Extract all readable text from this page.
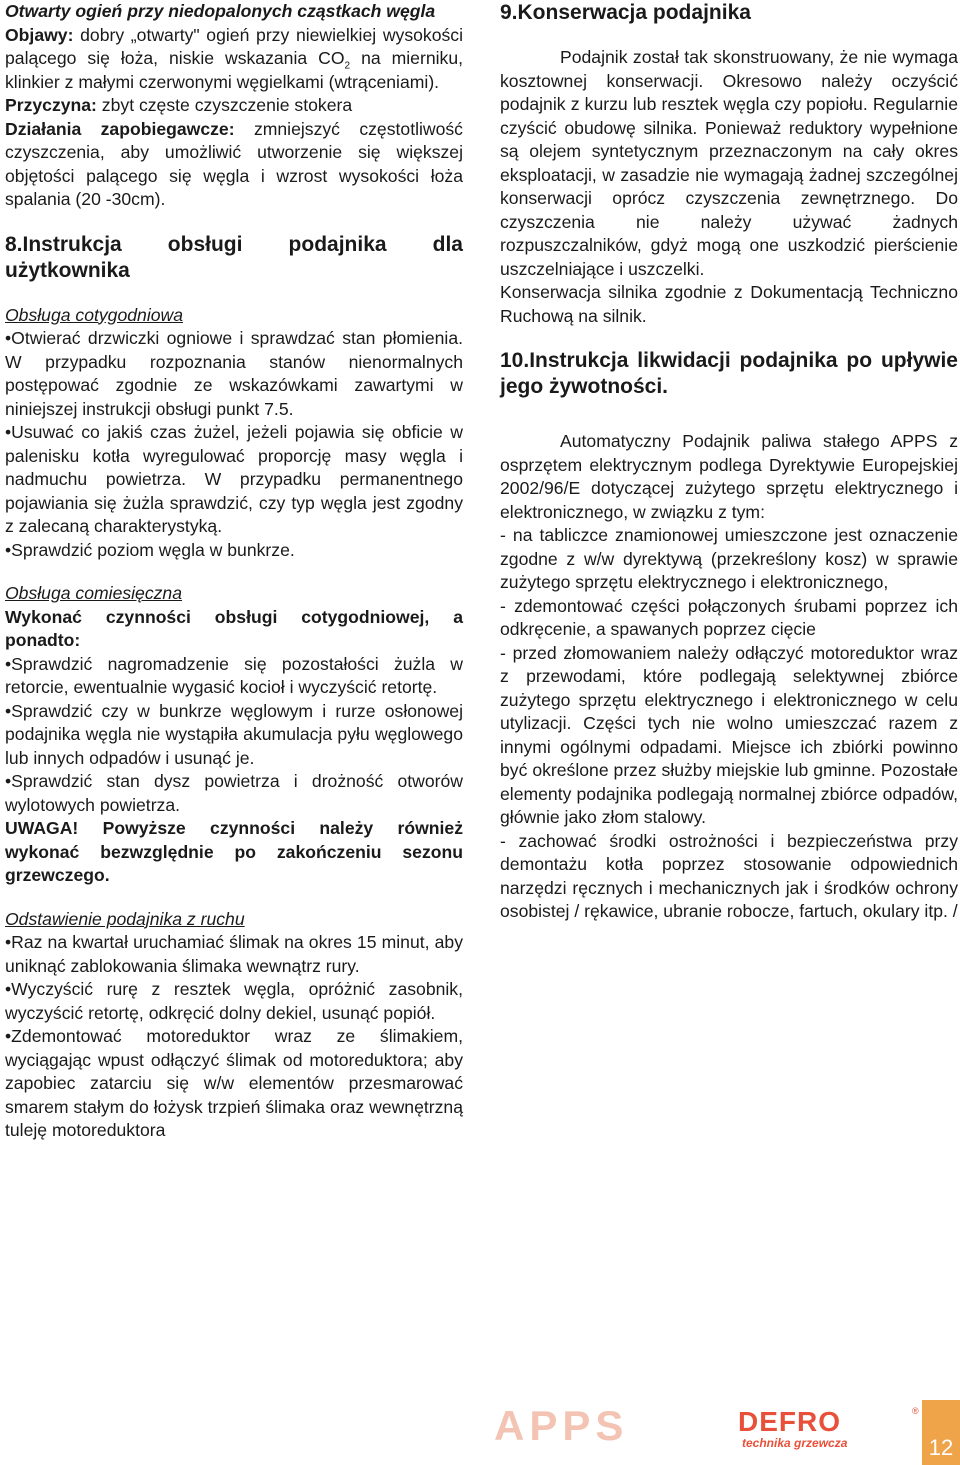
Otwarty ogień przy niedopalonych cząstkach węgla

Objawy: dobry „otwarty" ogień przy niewielkiej wysokości palącego się łoża, niskie wskazania $CO_2$ na mierniku, klinkier z małymi czerwonymi węgielkami (wtrąceniami).

Przyczyna: zbyt częste czyszczenie stokera

Działania zapobiegawcze: zmniejszyć częstotliwość czyszczenia, aby umożliwić utworzenie się większej objętości palącego się węgla i wzrost wysokości łoża spalania (20 -30cm).

8.Instrukcja obsługi podajnika dla użytkownika

Obsługa cotygodniowa

•Otwierać drzwiczki ogniowe i sprawdzać stan płomienia. W przypadku rozpoznania stanów nienormalnych postępować zgodnie ze wskazówkami zawartymi w niniejszej instrukcji obsługi punkt 7.5.

•Usuwać co jakiś czas żużel, jeżeli pojawia się obficie w palenisku kotła wyregulować proporcję masy węgla i nadmuchu powietrza. W przypadku permanentnego pojawiania się żużla sprawdzić, czy typ węgla jest zgodny z zalecaną charakterystyką.

•Sprawdzić poziom węgla w bunkrze.

Obsługa comiesięczna

Wykonać czynności obsługi cotygodniowej, a ponadto:

•Sprawdzić nagromadzenie się pozostałości żużla w retorcie, ewentualnie wygasić kocioł i wyczyścić retortę.

•Sprawdzić czy w bunkrze węglowym i rurze osłonowej podajnika węgla nie wystąpiła akumulacja pyłu węglowego lub innych odpadów i usunąć je.

•Sprawdzić stan dysz powietrza i drożność otworów wylotowych powietrza.

UWAGA! Powyższe czynności należy również wykonać bezwzględnie po zakończeniu sezonu grzewczego.

Odstawienie podajnika z ruchu

•Raz na kwartał uruchamiać ślimak na okres 15 minut, aby uniknąć zablokowania ślimaka wewnątrz rury.

•Wyczyścić rurę z resztek węgla, opróżnić zasobnik, wyczyścić retortę, odkręcić dolny dekiel, usunąć popiół.

•Zdemontować motoreduktor wraz ze ślimakiem, wyciągając wpust odłączyć ślimak od motoreduktora; aby zapobiec zatarciu się w/w elementów przesmarować smarem stałym do łożysk trzpień ślimaka oraz wewnętrzną tuleję motoreduktora

9.Konserwacja podajnika

Podajnik został tak skonstruowany, że nie wymaga kosztownej konserwacji. Okresowo należy oczyścić podajnik z kurzu lub resztek węgla czy popiołu. Regularnie czyścić obudowę silnika. Ponieważ reduktory wypełnione są olejem syntetycznym przeznaczonym na cały okres eksploatacji, w zasadzie nie wymagają żadnej szczególnej konserwacji oprócz czyszczenia zewnętrznego. Do czyszczenia nie należy używać żadnych rozpuszczalników, gdyż mogą one uszkodzić pierścienie uszczelniające i uszczelki.

Konserwacja silnika zgodnie z Dokumentacją Techniczno Ruchową na silnik.

10.Instrukcja likwidacji podajnika po upływie jego żywotności.

Automatyczny Podajnik paliwa stałego APPS z osprzętem elektrycznym podlega Dyrektywie Europejskiej 2002/96/E dotyczącej zużytego sprzętu elektrycznego i elektronicznego, w związku z tym:

- na tabliczce znamionowej umieszczone jest oznaczenie zgodne z w/w dyrektywą (przekreślony kosz) w sprawie zużytego sprzętu elektrycznego i elektronicznego,

- zdemontować części połączonych śrubami poprzez ich odkręcenie, a spawanych poprzez cięcie

- przed złomowaniem należy odłączyć motoreduktor wraz z przewodami, które podlegają selektywnej zbiórce zużytego sprzętu elektrycznego i elektronicznego w celu utylizacji. Części tych nie wolno umieszczać razem z innymi ogólnymi odpadami. Miejsce ich zbiórki powinno być określone przez służby miejskie lub gminne. Pozostałe elementy podajnika podlegają normalnej zbiórce odpadów, głównie jako złom stalowy.

- zachować środki ostrożności i bezpieczeństwa przy demontażu kotła poprzez stosowanie odpowiednich narzędzi ręcznych i mechanicznych jak i środków ochrony osobistej / rękawice, ubranie robocze, fartuch, okulary itp. /

APPS	DEFRO	®
technika grzewcza	12
